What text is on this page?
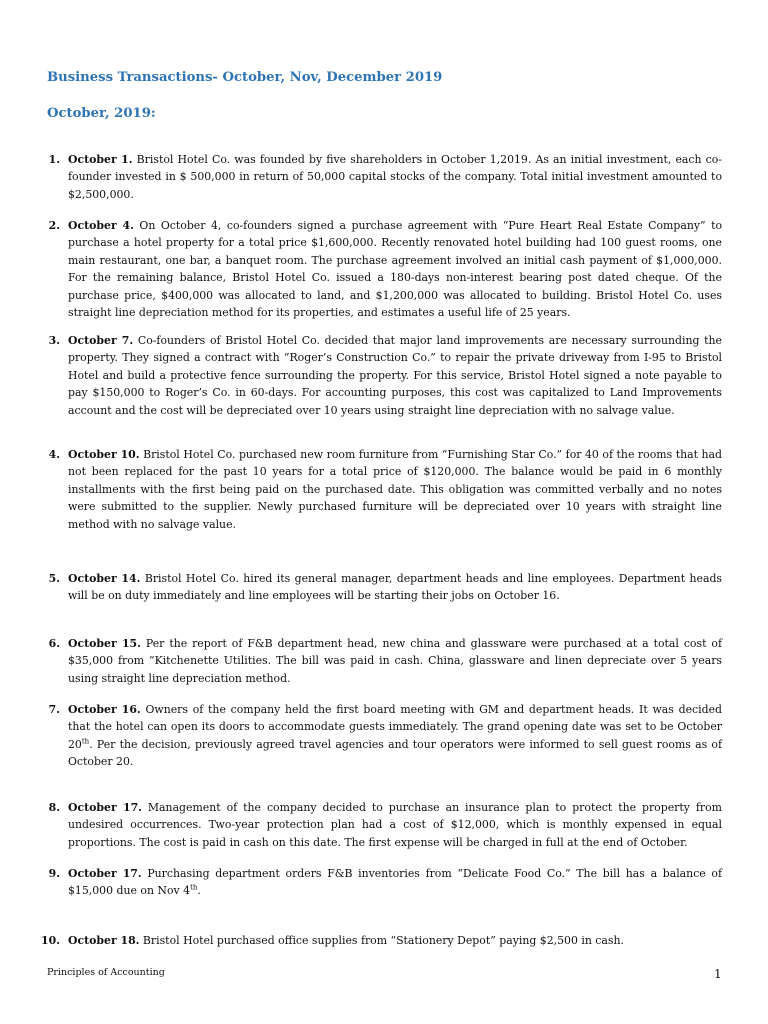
Business Transactions- October, Nov, December 2019
October, 2019:
1. October 1. Bristol Hotel Co. was founded by five shareholders in October 1,2019. As an initial investment, each co-founder invested in $ 500,000 in return of 50,000 capital stocks of the company. Total initial investment amounted to $2,500,000.
2. October 4. On October 4, co-founders signed a purchase agreement with “Pure Heart Real Estate Company” to purchase a hotel property for a total price $1,600,000. Recently renovated hotel building had 100 guest rooms, one main restaurant, one bar, a banquet room. The purchase agreement involved an initial cash payment of $1,000,000. For the remaining balance, Bristol Hotel Co. issued a 180-days non-interest bearing post dated cheque. Of the purchase price, $400,000 was allocated to land, and $1,200,000 was allocated to building. Bristol Hotel Co. uses straight line depreciation method for its properties, and estimates a useful life of 25 years.
3. October 7. Co-founders of Bristol Hotel Co. decided that major land improvements are necessary surrounding the property. They signed a contract with “Roger’s Construction Co.” to repair the private driveway from I-95 to Bristol Hotel and build a protective fence surrounding the property. For this service, Bristol Hotel signed a note payable to pay $150,000 to Roger’s Co. in 60-days. For accounting purposes, this cost was capitalized to Land Improvements account and the cost will be depreciated over 10 years using straight line depreciation with no salvage value.
4. October 10. Bristol Hotel Co. purchased new room furniture from “Furnishing Star Co.” for 40 of the rooms that had not been replaced for the past 10 years for a total price of $120,000. The balance would be paid in 6 monthly installments with the first being paid on the purchased date. This obligation was committed verbally and no notes were submitted to the supplier. Newly purchased furniture will be depreciated over 10 years with straight line method with no salvage value.
5. October 14. Bristol Hotel Co. hired its general manager, department heads and line employees. Department heads will be on duty immediately and line employees will be starting their jobs on October 16.
6. October 15. Per the report of F&B department head, new china and glassware were purchased at a total cost of $35,000 from “Kitchenette Utilities. The bill was paid in cash. China, glassware and linen depreciate over 5 years using straight line depreciation method.
7. October 16. Owners of the company held the first board meeting with GM and department heads. It was decided that the hotel can open its doors to accommodate guests immediately. The grand opening date was set to be October 20th. Per the decision, previously agreed travel agencies and tour operators were informed to sell guest rooms as of October 20.
8. October 17. Management of the company decided to purchase an insurance plan to protect the property from undesired occurrences. Two-year protection plan had a cost of $12,000, which is monthly expensed in equal proportions. The cost is paid in cash on this date. The first expense will be charged in full at the end of October.
9. October 17. Purchasing department orders F&B inventories from “Delicate Food Co.” The bill has a balance of $15,000 due on Nov 4th.
10. October 18. Bristol Hotel purchased office supplies from “Stationery Depot” paying $2,500 in cash.
Principles of Accounting	1
